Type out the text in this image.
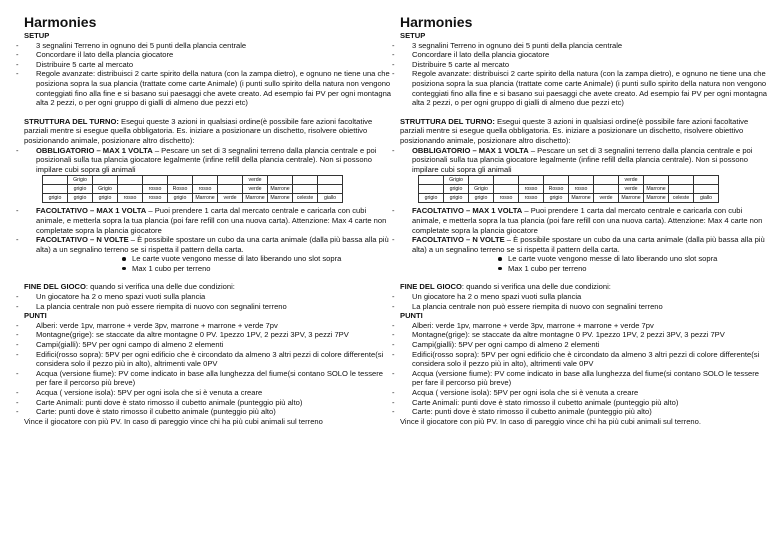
Harmonies
SETUP
- 3 segnalini Terreno in ognuno dei 5 punti della plancia centrale
- Concordare il lato della plancia giocatore
- Distribuire 5 carte al mercato
- Regole avanzate: distribuisci 2 carte spirito della natura (con la zampa dietro), e ognuno ne tiene una che posiziona sopra la sua plancia (trattate come carte Animale) (i punti sullo spirito della natura non vengono conteggiati fino alla fine e si basano sui paesaggi che avete creato. Ad esempio fai PV per ogni montagna alta 2 pezzi, o per ogni gruppo di gialli di almeno due pezzi etc)

STRUTTURA DEL TURNO: Esegui queste 3 azioni in qualsiasi ordine(è possibile fare azioni facoltative parziali mentre si esegue quella obbligatoria. Es. iniziare a posizionare un dischetto, risolvere obiettivo posizionando animale, posizionare altro dischetto):

- OBBLIGATORIO – MAX 1 VOLTA – Pescare un set di 3 segnalini terreno dalla plancia centrale e poi posizionali sulla tua plancia giocatore legalmente (infine refill della plancia centrale). Non si possono impilare cubi sopra gli animali
	Grigio							verde			
	grigio	Grigio		rosso	Rosso	rosso		verde	Marrone		
grigio	grigio	grigio	rosso	rosso	grigio	Marrone	verde	Marrone	Marrone	celeste	giallo
- FACOLTATIVO – MAX 1 VOLTA – Puoi prendere 1 carta dal mercato centrale e caricarla con cubi animale, e metterla sopra la tua plancia (poi fare refill con una nuova carta). Attenzione: Max 4 carte non completate sopra la plancia giocatore
- FACOLTATIVO – N VOLTE – È possibile spostare un cubo da una carta animale (dalla più bassa alla più alta) a un segnalino terreno se si rispetta il pattern della carta.
Le carte vuote vengono messe di lato liberando uno slot sopra
Max 1 cubo per terreno

FINE DEL GIOCO: quando si verifica una delle due condizioni:

- Un giocatore ha 2 o meno spazi vuoti sulla plancia
- La plancia centrale non può essere riempita di nuovo con segnalini terreno
PUNTI
- Alberi: verde 1pv, marrone + verde 3pv, marrone + marrone + verde 7pv
- Montagne(grige): se staccate da altre montagne 0 PV. 1pezzo 1PV, 2 pezzi 3PV, 3 pezzi 7PV
- Campi(gialli): 5PV per ogni campo di almeno 2 elementi
- Edifici(rosso sopra): 5PV per ogni edificio che è circondato da almeno 3 altri pezzi di colore differente(si considera solo il pezzo più in alto), altrimenti vale 0PV
- Acqua (versione fiume): PV come indicato in base alla lunghezza del fiume(si contano SOLO le tessere per fare il percorso più breve)
- Acqua ( versione isola): 5PV per ogni isola che si è venuta a creare
- Carte Animali: punti dove è stato rimosso il cubetto animale (punteggio più alto)
- Carte: punti dove è stato rimosso il cubetto animale (punteggio più alto)

Vince il giocatore con più PV. In caso di pareggio vince chi ha più cubi animali sul terreno

Harmonies
SETUP
- 3 segnalini Terreno in ognuno dei 5 punti della plancia centrale
- Concordare il lato della plancia giocatore
- Distribuire 5 carte al mercato
- Regole avanzate: distribuisci 2 carte spirito della natura (con la zampa dietro), e ognuno ne tiene una che posiziona sopra la sua plancia (trattate come carte Animale) (i punti sullo spirito della natura non vengono conteggiati fino alla fine e si basano sui paesaggi che avete creato. Ad esempio fai PV per ogni montagna alta 2 pezzi, o per ogni gruppo di gialli di almeno due pezzi etc)

STRUTTURA DEL TURNO: Esegui queste 3 azioni in qualsiasi ordine(è possibile fare azioni facoltative parziali mentre si esegue quella obbligatoria. Es. iniziare a posizionare un dischetto, risolvere obiettivo posizionando animale, posizionare altro dischetto):

- OBBLIGATORIO – MAX 1 VOLTA – Pescare un set di 3 segnalini terreno dalla plancia centrale e poi posizionali sulla tua plancia giocatore legalmente (infine refill della plancia centrale). Non si possono impilare cubi sopra gli animali
	Grigio							verde			
	grigio	Grigio		rosso	Rosso	rosso		verde	Marrone		
grigio	grigio	grigio	rosso	rosso	grigio	Marrone	verde	Marrone	Marrone	celeste	giallo
- FACOLTATIVO – MAX 1 VOLTA – Puoi prendere 1 carta dal mercato centrale e caricarla con cubi animale, e metterla sopra la tua plancia (poi fare refill con una nuova carta). Attenzione: Max 4 carte non completate sopra la plancia giocatore
- FACOLTATIVO – N VOLTE – È possibile spostare un cubo da una carta animale (dalla più bassa alla più alta) a un segnalino terreno se si rispetta il pattern della carta.
Le carte vuote vengono messe di lato liberando uno slot sopra
Max 1 cubo per terreno

FINE DEL GIOCO: quando si verifica una delle due condizioni:

- Un giocatore ha 2 o meno spazi vuoti sulla plancia
- La plancia centrale non può essere riempita di nuovo con segnalini terreno
PUNTI
- Alberi: verde 1pv, marrone + verde 3pv, marrone + marrone + verde 7pv
- Montagne(grige): se staccate da altre montagne 0 PV. 1pezzo 1PV, 2 pezzi 3PV, 3 pezzi 7PV
- Campi(gialli): 5PV per ogni campo di almeno 2 elementi
- Edifici(rosso sopra): 5PV per ogni edificio che è circondato da almeno 3 altri pezzi di colore differente(si considera solo il pezzo più in alto), altrimenti vale 0PV
- Acqua (versione fiume): PV come indicato in base alla lunghezza del fiume(si contano SOLO le tessere per fare il percorso più breve)
- Acqua ( versione isola): 5PV per ogni isola che si è venuta a creare
- Carte Animali: punti dove è stato rimosso il cubetto animale (punteggio più alto)
- Carte: punti dove è stato rimosso il cubetto animale (punteggio più alto)

Vince il giocatore con più PV. In caso di pareggio vince chi ha più cubi animali sul terreno.
